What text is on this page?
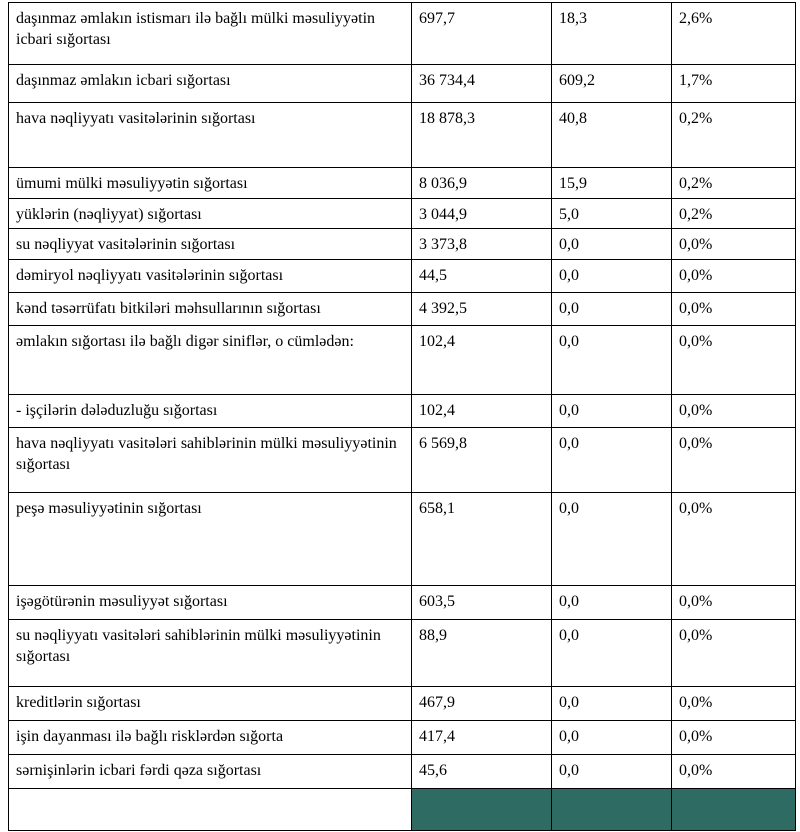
daşınmaz əmlakın istismarı ilə bağlı mülki məsuliyyətin icbari sığortası	697,7	18,3	2,6%
daşınmaz əmlakın icbari sığortası	36 734,4	609,2	1,7%
hava nəqliyyatı vasitələrinin sığortası	18 878,3	40,8	0,2%
ümumi mülki məsuliyyətin sığortası	8 036,9	15,9	0,2%
yüklərin (nəqliyyat) sığortası	3 044,9	5,0	0,2%
su nəqliyyat vasitələrinin sığortası	3 373,8	0,0	0,0%
dəmiryol nəqliyyatı vasitələrinin sığortası	44,5	0,0	0,0%
kənd təsərrüfatı bitkiləri məhsullarının sığortası	4 392,5	0,0	0,0%
əmlakın sığortası ilə bağlı digər siniflər, o cümlədən:	102,4	0,0	0,0%
- işçilərin dələduzluğu sığortası	102,4	0,0	0,0%
hava nəqliyyatı vasitələri sahiblərinin mülki məsuliyyətinin sığortası	6 569,8	0,0	0,0%
peşə məsuliyyətinin sığortası	658,1	0,0	0,0%
işəgötürənin məsuliyyət sığortası	603,5	0,0	0,0%
su nəqliyyatı vasitələri sahiblərinin mülki məsuliyyətinin sığortası	88,9	0,0	0,0%
kreditlərin sığortası	467,9	0,0	0,0%
işin dayanması ilə bağlı risklərdən sığorta	417,4	0,0	0,0%
sərnişinlərin icbari fərdi qəza sığortası	45,6	0,0	0,0%
